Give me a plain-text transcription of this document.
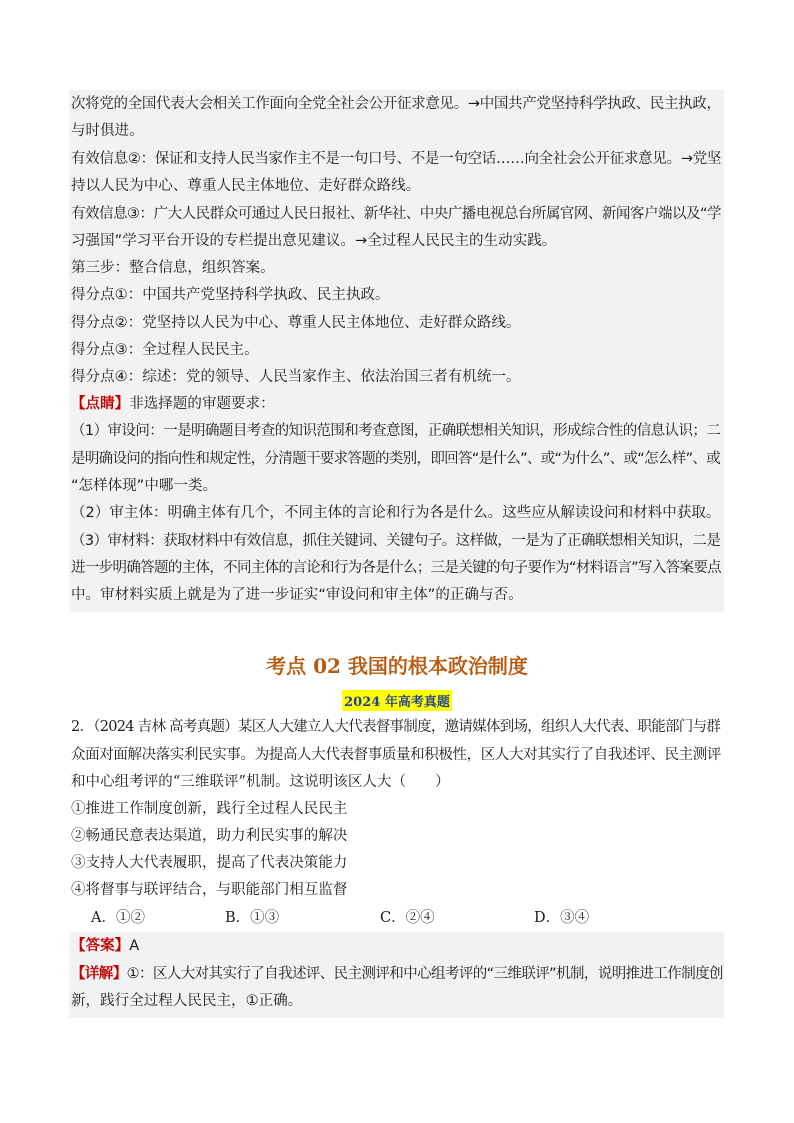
次将党的全国代表大会相关工作面向全党全社会公开征求意见。→中国共产党坚持科学执政、民主执政，

与时俱进。

有效信息②：保证和支持人民当家作主不是一句口号、不是一句空话……向全社会公开征求意见。→党坚

持以人民为中心、尊重人民主体地位、走好群众路线。

有效信息③：广大人民群众可通过人民日报社、新华社、中央广播电视总台所属官网、新闻客户端以及“学

习强国”学习平台开设的专栏提出意见建议。→全过程人民民主的生动实践。

第三步：整合信息，组织答案。

得分点①：中国共产党坚持科学执政、民主执政。

得分点②：党坚持以人民为中心、尊重人民主体地位、走好群众路线。

得分点③：全过程人民民主。

得分点④：综述：党的领导、人民当家作主、依法治国三者有机统一。

【点睛】非选择题的审题要求：

（1）审设问：一是明确题目考查的知识范围和考查意图，正确联想相关知识，形成综合性的信息认识；二

是明确设问的指向性和规定性，分清题干要求答题的类别，即回答“是什么”、或“为什么”、或“怎么样”、或

“怎样体现”中哪一类。

（2）审主体：明确主体有几个，不同主体的言论和行为各是什么。这些应从解读设问和材料中获取。

（3）审材料：获取材料中有效信息，抓住关键词、关键句子。这样做，一是为了正确联想相关知识，二是

进一步明确答题的主体，不同主体的言论和行为各是什么；三是关键的句子要作为“材料语言”写入答案要点

中。审材料实质上就是为了进一步证实“审设问和审主体”的正确与否。

考点 02 我国的根本政治制度
2024 年高考真题

2．（2024 吉林 高考真题）某区人大建立人大代表督事制度，邀请媒体到场，组织人大代表、职能部门与群

众面对面解决落实利民实事。为提高人大代表督事质量和积极性，区人大对其实行了自我述评、民主测评

和中心组考评的“三维联评”机制。这说明该区人大（　　）

①推进工作制度创新，践行全过程人民民主

②畅通民意表达渠道，助力利民实事的解决

③支持人大代表履职，提高了代表决策能力

④将督事与联评结合，与职能部门相互监督

A．①②	B．①③	C．②④	D．③④

【答案】A

【详解】①：区人大对其实行了自我述评、民主测评和中心组考评的“三维联评”机制，说明推进工作制度创

新，践行全过程人民民主，①正确。
